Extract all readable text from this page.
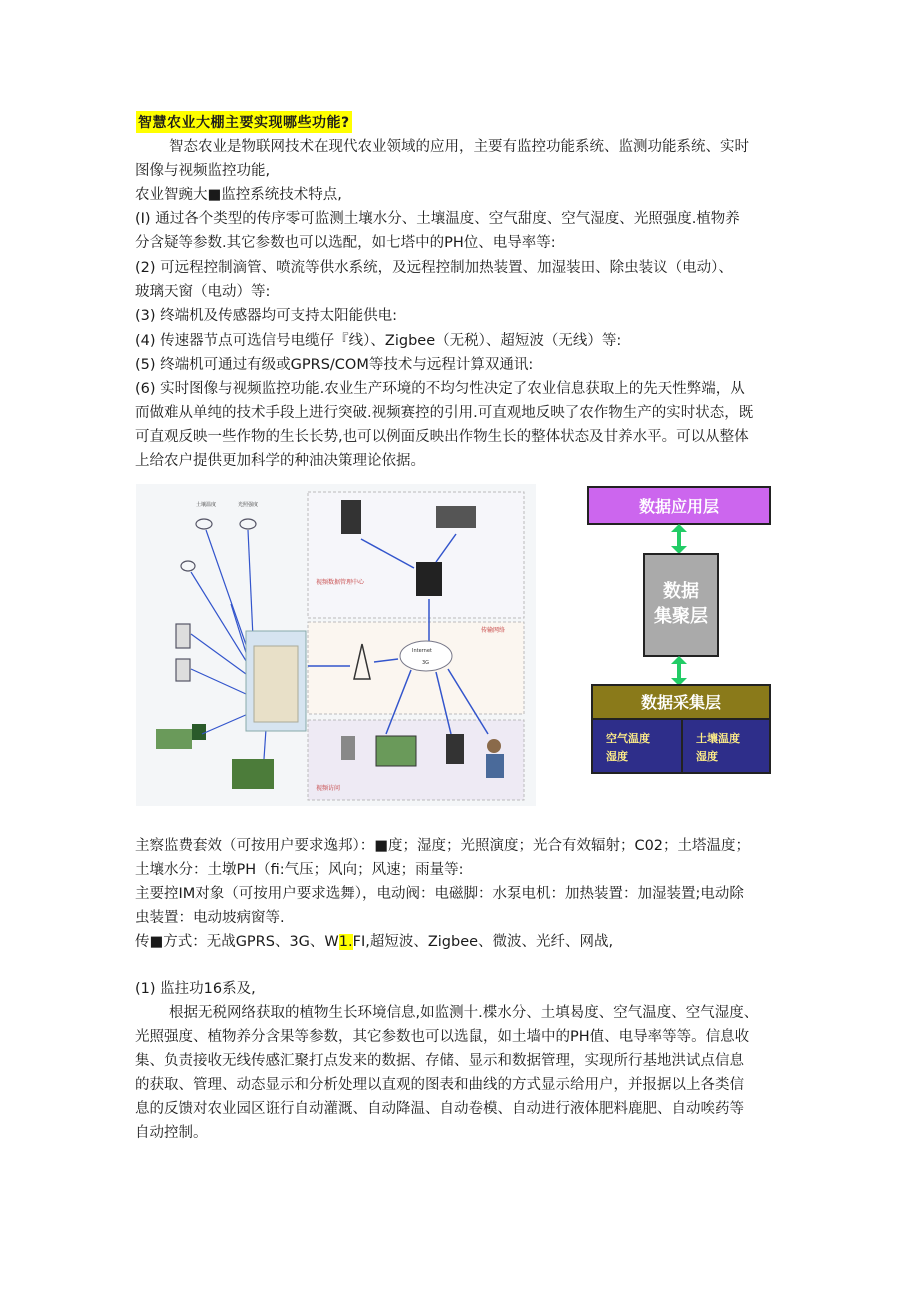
智慧农业大棚主要实现哪些功能?
智态农业是物联网技术在现代农业领域的应用，主要有监控功能系统、监测功能系统、实时
图像与视频监控功能,
农业智豌大■监控系统技术特点,
(I) 通过各个类型的传序零可监测土壤水分、土壤温度、空气甜度、空气湿度、光照强度.植物养
分含疑等参数.其它参数也可以选配，如七塔中的PH位、电导率等:
(2) 可远程控制滴管、喷流等供水系统，及远程控制加热装置、加湿装田、除虫装议（电动）、
玻璃天窗（电动）等:
(3) 终端机及传感器均可支持太阳能供电:
(4) 传速器节点可选信号电缆仔『线）、Zigbee（无税）、超短波（无线）等:
(5) 终端机可通过有级或GPRS/COM等技术与远程计算双通讯:
(6) 实时图像与视频监控功能.农业生产环境的不均匀性决定了农业信息获取上的先天性弊端，从
而做难从单纯的技术手段上进行突破.视频赛控的引用.可直观地反映了农作物生产的实时状态，既
可直观反映一些作物的生长长势,也可以例面反映出作物生长的整体状态及甘养水平。可以从整体
上给农户提供更加科学的种油决策理论依据。
土壤温度	光照强度
视频数据管理中心
传输网络
视频访问
Internet
3G
数据应用层
数据
集聚层
数据采集层
空气温度
湿度
土壤温度
湿度
主察监费套效（可按用户要求逸邦）：■度；湿度；光照演度；光合有效辐射；C02；土塔温度；
土壤水分：土墩PH（fi:气压；风向；风速；雨量等:
主要控IM对象（可按用户要求选舞），电动阀：电磁脚：水泵电机：加热装置：加湿装置;电动除
虫装置：电动坡病窗等.
传■方式：无战GPRS、3G、W1.FI,超短波、Zigbee、微波、光纤、网战,
(1) 监拄功16系及,
根据无税网络获取的植物生长环境信息,如监测十.楪水分、土填曷度、空气温度、空气湿度、
光照强度、植物养分含果等参数，其它参数也可以选鼠，如土墙中的PH值、电导率等等。信息收
集、负责接收无线传感汇聚打点发来的数据、存储、显示和数据管理，实现所行基地洪试点信息
的获取、管理、动态显示和分析处理以直观的图表和曲线的方式显示给用户，并报据以上各类信
息的反馈对农业园区诳行自动灌溉、自动降温、自动卷模、自动进行液体肥料鹿肥、自动唉药等
自动控制。
